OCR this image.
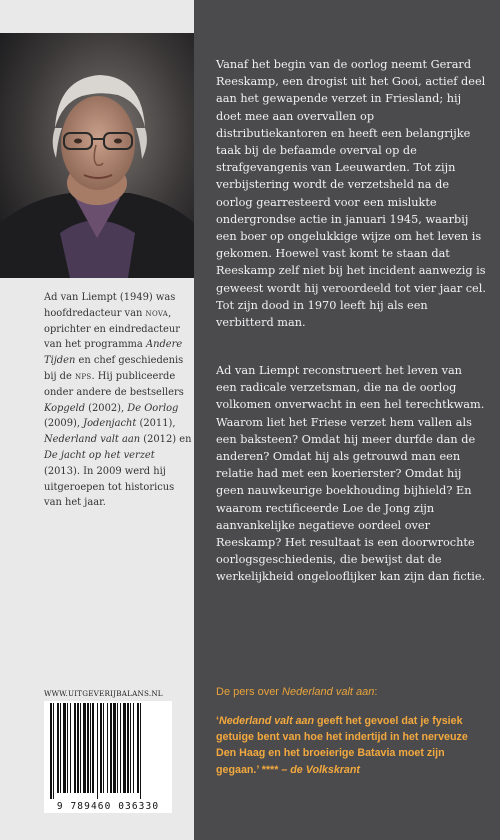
Ad van Liempt (1949) was hoofdredacteur van nova, oprichter en eindredacteur van het programma Andere Tijden en chef geschiedenis bij de nps. Hij publiceerde onder andere de bestsellers Kopgeld (2002), De Oorlog (2009), Jodenjacht (2011), Nederland valt aan (2012) en De jacht op het verzet (2013). In 2009 werd hij uitgeroepen tot historicus van het jaar.

WWW.UITGEVERIJBALANS.NL
9 789460 036330

Vanaf het begin van de oorlog neemt Gerard Reeskamp, een drogist uit het Gooi, actief deel aan het gewapende verzet in Friesland; hij doet mee aan overvallen op distributiekantoren en heeft een belangrijke taak bij de befaamde overval op de strafgevangenis van Leeuwarden. Tot zijn verbijstering wordt de verzetsheld na de oorlog gearresteerd voor een mislukte ondergrondse actie in januari 1945, waarbij een boer op ongelukkige wijze om het leven is gekomen. Hoewel vast komt te staan dat Reeskamp zelf niet bij het incident aanwezig is geweest wordt hij veroordeeld tot vier jaar cel. Tot zijn dood in 1970 leeft hij als een verbitterd man.

Ad van Liempt reconstrueert het leven van een radicale verzetsman, die na de oorlog volkomen onverwacht in een hel terechtkwam. Waarom liet het Friese verzet hem vallen als een baksteen? Omdat hij meer durfde dan de anderen? Omdat hij als getrouwd man een relatie had met een koerierster? Omdat hij geen nauwkeurige boekhouding bijhield? En waarom rectificeerde Loe de Jong zijn aanvankelijke negatieve oordeel over Reeskamp? Het resultaat is een doorwrochte oorlogsgeschiedenis, die bewijst dat de werkelijkheid ongelooflijker kan zijn dan fictie.

De pers over Nederland valt aan:

‘Nederland valt aan geeft het gevoel dat je fysiek getuige bent van hoe het indertijd in het nerveuze Den Haag en het broeierige Batavia moet zijn gegaan.’ **** – de Volkskrant
